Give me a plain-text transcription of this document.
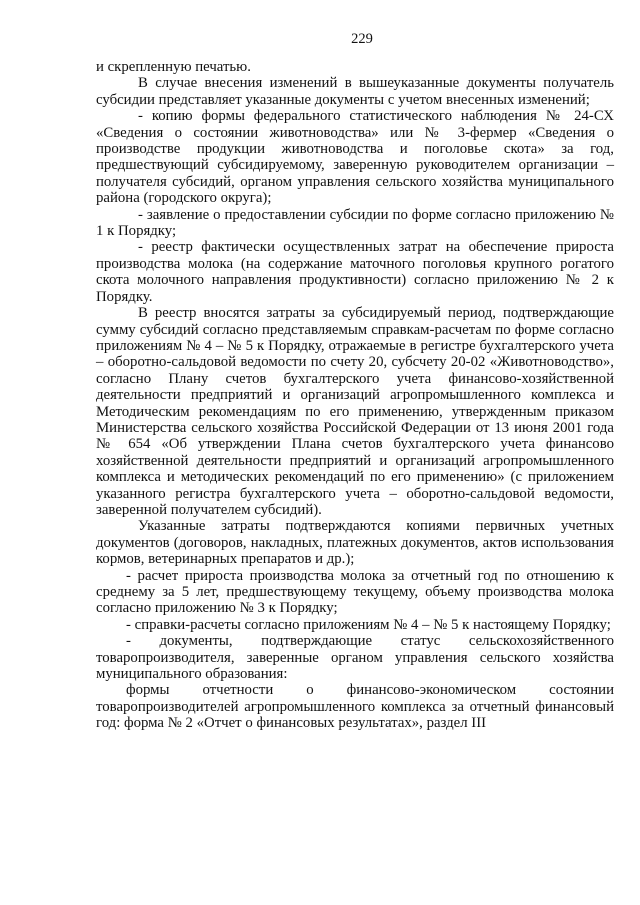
229

и скрепленную печатью.

В случае внесения изменений в вышеуказанные документы получатель субсидии представляет указанные документы с учетом внесенных изменений;

- копию формы федерального статистического наблюдения № 24-СХ «Сведения о состоянии животноводства» или № 3-фермер «Сведения о производстве продукции животноводства и поголовье скота» за год, предшествующий субсидируемому, заверенную руководителем организации – получателя субсидий, органом управления сельского хозяйства муниципального района (городского округа);

- заявление о предоставлении субсидии по форме согласно приложению № 1 к Порядку;

- реестр фактически осуществленных затрат на обеспечение прироста производства молока (на содержание маточного поголовья крупного рогатого скота молочного направления продуктивности) согласно приложению № 2 к Порядку.

В реестр вносятся затраты за субсидируемый период, подтверждающие сумму субсидий согласно представляемым справкам-расчетам по форме согласно приложениям № 4 – № 5 к Порядку, отражаемые в регистре бухгалтерского учета – оборотно-сальдовой ведомости по счету 20, субсчету 20-02 «Животноводство», согласно Плану счетов бухгалтерского учета финансово-хозяйственной деятельности предприятий и организаций агропромышленного комплекса и Методическим рекомендациям по его применению, утвержденным приказом Министерства сельского хозяйства Российской Федерации от 13 июня 2001 года № 654 «Об утверждении Плана счетов бухгалтерского учета финансово хозяйственной деятельности предприятий и организаций агропромышленного комплекса и методических рекомендаций по его применению» (с приложением указанного регистра бухгалтерского учета – оборотно-сальдовой ведомости, заверенной получателем субсидий).

Указанные затраты подтверждаются копиями первичных учетных документов (договоров, накладных, платежных документов, актов использования кормов, ветеринарных препаратов и др.);

- расчет прироста производства молока за отчетный год по отношению к среднему за 5 лет, предшествующему текущему, объему производства молока согласно приложению № 3 к Порядку;

- справки-расчеты согласно приложениям № 4 – № 5 к настоящему Порядку;

- документы, подтверждающие статус сельскохозяйственного товаропроизводителя, заверенные органом управления сельского хозяйства муниципального образования:

формы отчетности о финансово-экономическом состоянии товаропроизводителей агропромышленного комплекса за отчетный финансовый год: форма № 2 «Отчет о финансовых результатах», раздел III
